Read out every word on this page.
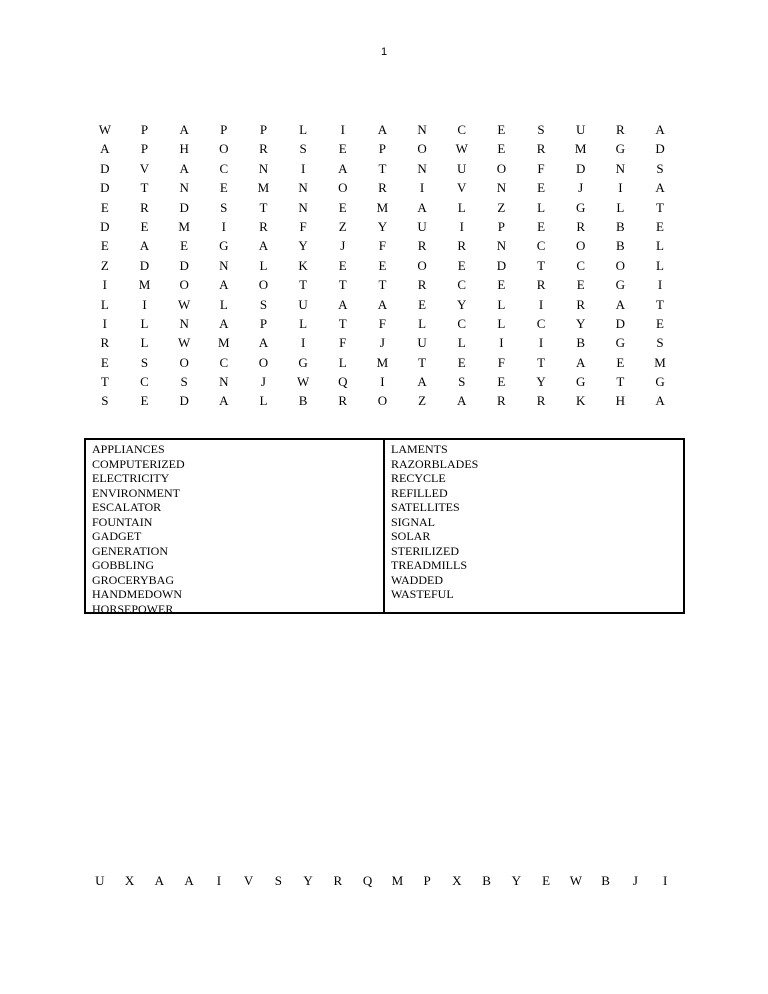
1
W	P	A	P	P	L	I	A	N	C	E	S	U	R	A
A	P	H	O	R	S	E	P	O	W	E	R	M	G	D
D	V	A	C	N	I	A	T	N	U	O	F	D	N	S
D	T	N	E	M	N	O	R	I	V	N	E	J	I	A
E	R	D	S	T	N	E	M	A	L	Z	L	G	L	T
D	E	M	I	R	F	Z	Y	U	I	P	E	R	B	E
E	A	E	G	A	Y	J	F	R	R	N	C	O	B	L
Z	D	D	N	L	K	E	E	O	E	D	T	C	O	L
I	M	O	A	O	T	T	T	R	C	E	R	E	G	I
L	I	W	L	S	U	A	A	E	Y	L	I	R	A	T
I	L	N	A	P	L	T	F	L	C	L	C	Y	D	E
R	L	W	M	A	I	F	J	U	L	I	I	B	G	S
E	S	O	C	O	G	L	M	T	E	F	T	A	E	M
T	C	S	N	J	W	Q	I	A	S	E	Y	G	T	G
S	E	D	A	L	B	R	O	Z	A	R	R	K	H	A
APPLIANCES
COMPUTERIZED
ELECTRICITY
ENVIRONMENT
ESCALATOR
FOUNTAIN
GADGET
GENERATION
GOBBLING
GROCERYBAG
HANDMEDOWN
HORSEPOWER
LAMENTS
RAZORBLADES
RECYCLE
REFILLED
SATELLITES
SIGNAL
SOLAR
STERILIZED
TREADMILLS
WADDED
WASTEFUL
U	X	A	A	I	V	S	Y	R	Q	M	P	X	B	Y	E	W	B	J	I
